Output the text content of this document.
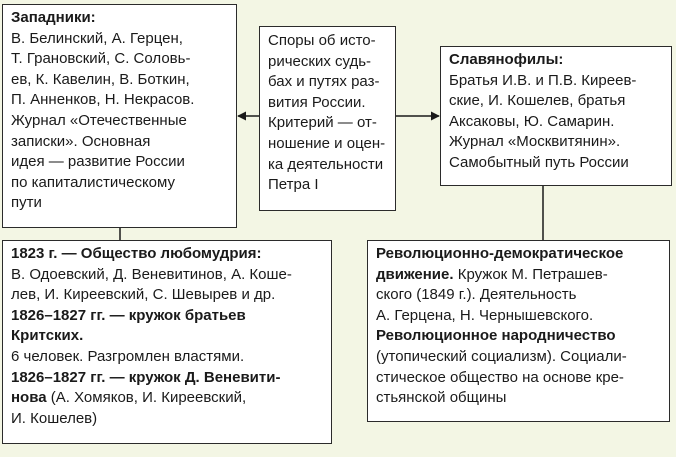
Западники:
В. Белинский, А. Герцен,
Т. Грановский, С. Соловь-
ев, К. Кавелин, В. Боткин,
П. Анненков, Н. Некрасов.
Журнал «Отечественные
записки». Основная
идея — развитие России
по капиталистическому
пути
Споры об исто-
рических судь-
бах и путях раз-
вития России.
Критерий — от-
ношение и оцен-
ка деятельности
Петра I
Славянофилы:
Братья И.В. и П.В. Киреев-
ские, И. Кошелев, братья
Аксаковы, Ю. Самарин.
Журнал «Москвитянин».
Самобытный путь России
1823 г. — Общество любомудрия:
В. Одоевский, Д. Веневитинов, А. Коше-
лев, И. Киреевский, С. Шевырев и др.
1826–1827 гг. — кружок братьев
Критских.
6 человек. Разгромлен властями.
1826–1827 гг. — кружок Д. Веневити-
нова (А. Хомяков, И. Киреевский,
И. Кошелев)
Революционно-демократическое
движение. Кружок М. Петрашев-
ского (1849 г.). Деятельность
А. Герцена, Н. Чернышевского.
Революционное народничество
(утопический социализм). Социали-
стическое общество на основе кре-
стьянской общины
